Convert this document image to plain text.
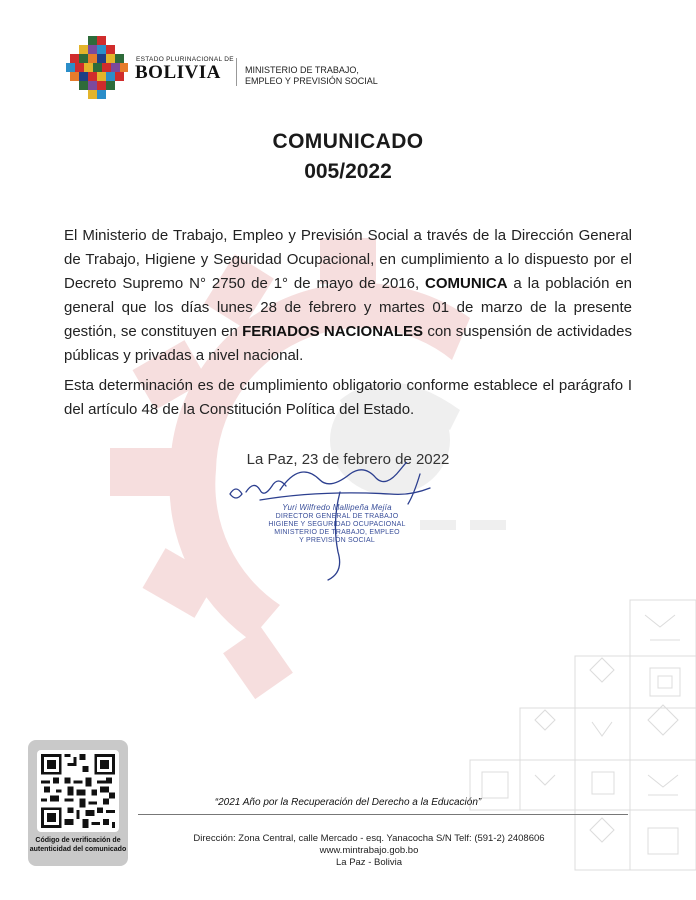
ESTADO PLURINACIONAL DE
BOLIVIA	MINISTERIO DE TRABAJO,
EMPLEO Y PREVISIÓN SOCIAL
COMUNICADO
005/2022

El Ministerio de Trabajo, Empleo y Previsión Social a través de la Dirección General de Trabajo, Higiene y Seguridad Ocupacional, en cumplimiento a lo dispuesto por el Decreto Supremo N° 2750 de 1° de mayo de 2016, COMUNICA a la población en general que los días lunes 28 de febrero y martes 01 de marzo de la presente gestión, se constituyen en FERIADOS NACIONALES con suspensión de actividades públicas y privadas a nivel nacional.

Esta determinación es de cumplimiento obligatorio conforme establece el parágrafo I del artículo 48 de la Constitución Política del Estado.

La Paz, 23 de febrero de 2022
Yuri Wilfredo Mallipeña Mejía
DIRECTOR GENERAL DE TRABAJO
HIGIENE Y SEGURIDAD OCUPACIONAL
MINISTERIO DE TRABAJO, EMPLEO
Y PREVISIÓN SOCIAL
Código de verificación de
autenticidad del comunicado
“2021 Año por la Recuperación del Derecho a la Educación”
Dirección: Zona Central, calle Mercado - esq. Yanacocha S/N Telf: (591-2) 2408606
www.mintrabajo.gob.bo
La Paz - Bolivia
